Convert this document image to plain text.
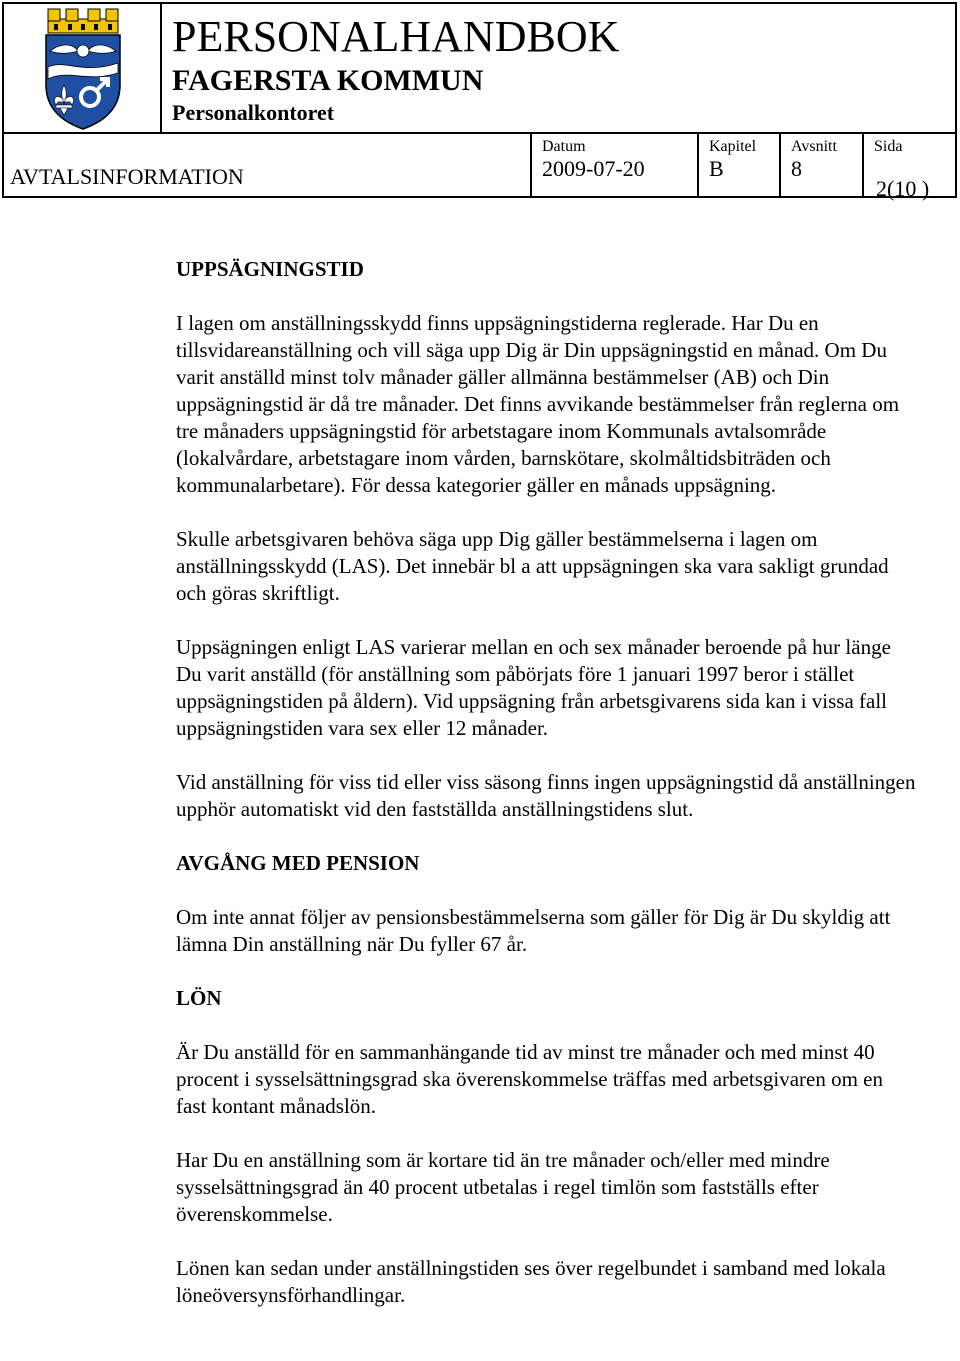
PERSONALHANDBOK
FAGERSTA KOMMUN
Personalkontoret
AVTALSINFORMATION
Datum
2009-07-20
Kapitel
B
Avsnitt
8
Sida
2(10 )
UPPSÄGNINGSTID

I lagen om anställningsskydd finns uppsägningstiderna reglerade. Har Du en tillsvidareanställning och vill säga upp Dig är Din uppsägningstid en månad. Om Du varit anställd minst tolv månader gäller allmänna bestämmelser (AB) och Din uppsägningstid är då tre månader. Det finns avvikande bestämmelser från reglerna om tre månaders uppsägningstid för arbetstagare inom Kommunals avtalsområde (lokalvårdare, arbetstagare inom vården, barnskötare, skolmåltidsbiträden och kommunalarbetare). För dessa kategorier gäller en månads uppsägning.

Skulle arbetsgivaren behöva säga upp Dig gäller bestämmelserna i lagen om anställningsskydd (LAS). Det innebär bl a att uppsägningen ska vara sakligt grundad och göras skriftligt.

Uppsägningen enligt LAS varierar mellan en och sex månader beroende på hur länge Du varit anställd (för anställning som påbörjats före 1 januari 1997 beror i stället uppsägningstiden på åldern). Vid uppsägning från arbetsgivarens sida kan i vissa fall uppsägningstiden vara sex eller 12 månader.

Vid anställning för viss tid eller viss säsong finns ingen uppsägningstid då anställningen upphör automatiskt vid den fastställda anställningstidens slut.

AVGÅNG MED PENSION

Om inte annat följer av pensionsbestämmelserna som gäller för Dig är Du skyldig att lämna Din anställning när Du fyller 67 år.

LÖN

Är Du anställd för en sammanhängande tid av minst tre månader och med minst 40 procent i sysselsättningsgrad ska överenskommelse träffas med arbetsgivaren om en fast kontant månadslön.

Har Du en anställning som är kortare tid än tre månader och/eller med mindre sysselsättningsgrad än 40 procent utbetalas i regel timlön som fastställs efter överenskommelse.

Lönen kan sedan under anställningstiden ses över regelbundet i samband med lokala löneöversynsförhandlingar.
